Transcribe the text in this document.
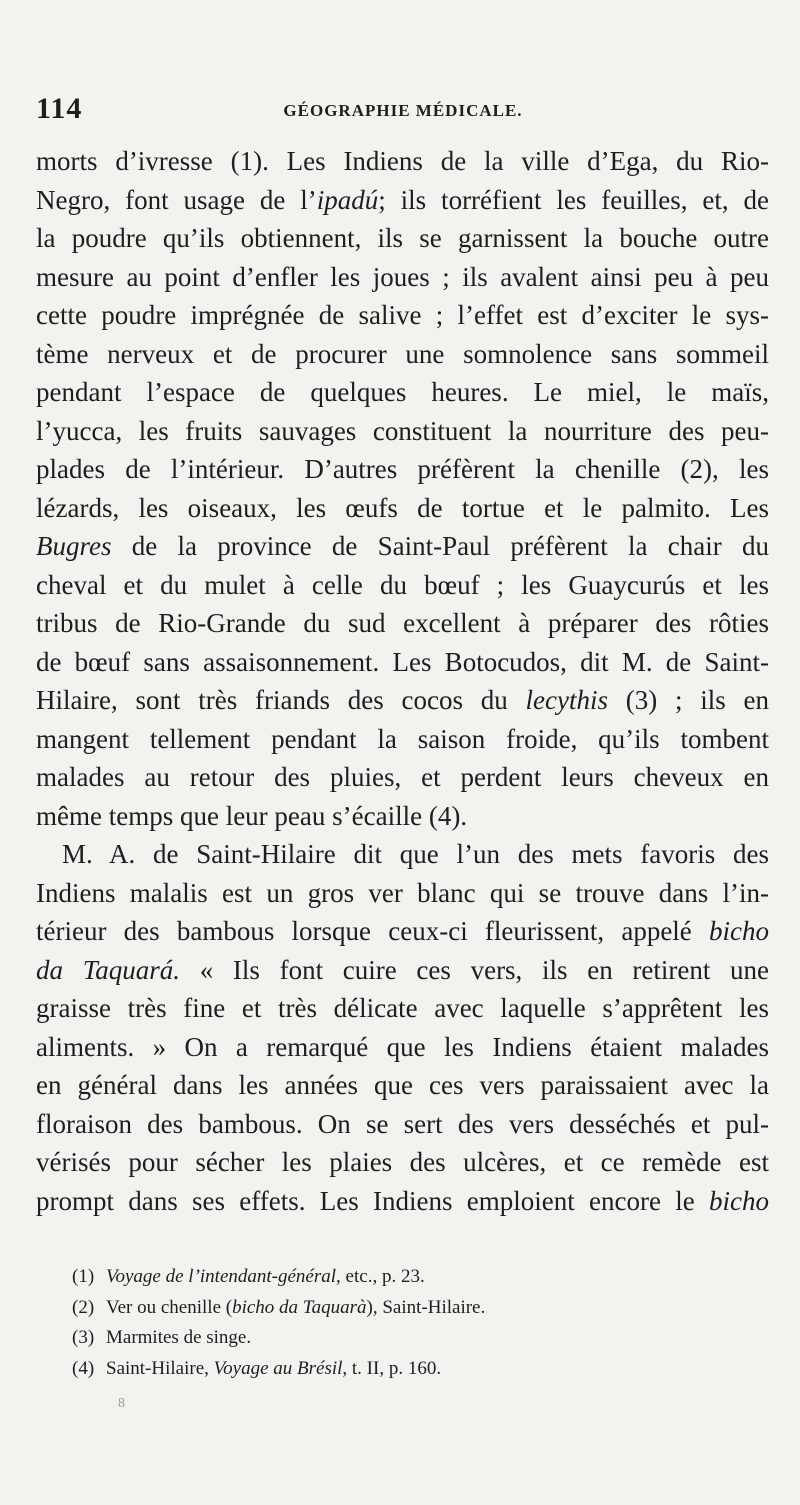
114	GÉOGRAPHIE MÉDICALE.
morts d’ivresse (1). Les Indiens de la ville d’Ega, du Rio-
Negro, font usage de l’ipadú; ils torréfient les feuilles, et, de
la poudre qu’ils obtiennent, ils se garnissent la bouche outre
mesure au point d’enfler les joues ; ils avalent ainsi peu à peu
cette poudre imprégnée de salive ; l’effet est d’exciter le sys-
tème nerveux et de procurer une somnolence sans sommeil
pendant l’espace de quelques heures. Le miel, le maïs,
l’yucca, les fruits sauvages constituent la nourriture des peu-
plades de l’intérieur. D’autres préfèrent la chenille (2), les
lézards, les oiseaux, les œufs de tortue et le palmito. Les
Bugres de la province de Saint-Paul préfèrent la chair du
cheval et du mulet à celle du bœuf ; les Guaycurús et les
tribus de Rio-Grande du sud excellent à préparer des rôties
de bœuf sans assaisonnement. Les Botocudos, dit M. de Saint-
Hilaire, sont très friands des cocos du lecythis (3) ; ils en
mangent tellement pendant la saison froide, qu’ils tombent
malades au retour des pluies, et perdent leurs cheveux en
même temps que leur peau s’écaille (4).
M. A. de Saint-Hilaire dit que l’un des mets favoris des
Indiens malalis est un gros ver blanc qui se trouve dans l’in-
térieur des bambous lorsque ceux-ci fleurissent, appelé bicho
da Taquará. « Ils font cuire ces vers, ils en retirent une
graisse très fine et très délicate avec laquelle s’apprêtent les
aliments. » On a remarqué que les Indiens étaient malades
en général dans les années que ces vers paraissaient avec la
floraison des bambous. On se sert des vers desséchés et pul-
vérisés pour sécher les plaies des ulcères, et ce remède est
prompt dans ses effets. Les Indiens emploient encore le bicho
(1) Voyage de l’intendant-général, etc., p. 23.
(2) Ver ou chenille (bicho da Taquarà), Saint-Hilaire.
(3) Marmites de singe.
(4) Saint-Hilaire, Voyage au Brésil, t. II, p. 160.
8
